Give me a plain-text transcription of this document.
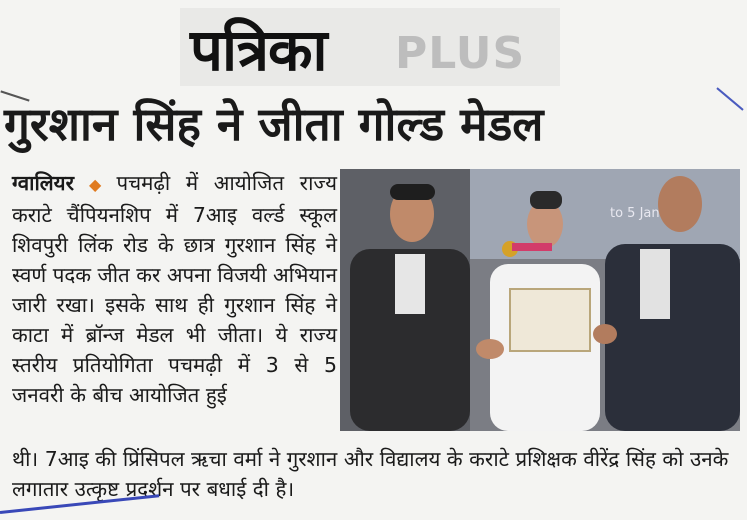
पत्रिका PLUS
गुरशान सिंह ने जीता गोल्ड मेडल
ग्वालियर ◆ पचमढ़ी में आयोजित राज्य कराटे चैंपियनशिप में 7आइ वर्ल्ड स्कूल शिवपुरी लिंक रोड के छात्र गुरशान सिंह ने स्वर्ण पदक जीत कर अपना विजयी अभियान जारी रखा। इसके साथ ही गुरशान सिंह ने काटा में ब्रॉन्ज मेडल भी जीता। ये राज्य स्तरीय प्रतियोगिता पचमढ़ी में 3 से 5 जनवरी के बीच आयोजित हुई
to 5 Jan
थी। 7आइ की प्रिंसिपल ऋचा वर्मा ने गुरशान और विद्यालय के कराटे प्रशिक्षक वीरेंद्र सिंह को उनके लगातार उत्कृष्ट प्रदर्शन पर बधाई दी है।
